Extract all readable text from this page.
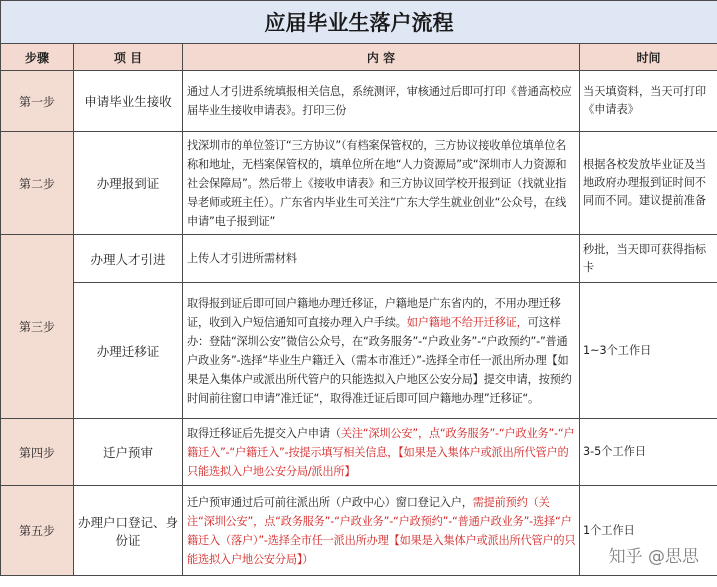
应届毕业生落户流程			
步骤	项 目	内 容	时间
第一步	申请毕业生接收	通过人才引进系统填报相关信息，系统测评，审核通过后即可打印《普通高校应届毕业生接收申请表》。打印三份	当天填资料，当天可打印《申请表》
第二步	办理报到证	找深圳市的单位签订“三方协议”（有档案保管权的，三方协议接收单位填单位名称和地址，无档案保管权的，填单位所在地“人力资源局”或“深圳市人力资源和社会保障局”。然后带上《接收申请表》和三方协议回学校开报到证（找就业指导老师或班主任）。广东省内毕业生可关注“广东大学生就业创业“公众号，在线申请”电子报到证”	根据各校发放毕业证及当地政府办理报到证时间不同而不同。建议提前准备
第三步	办理人才引进	上传人才引进所需材料	秒批，当天即可获得指标卡
	办理迁移证	取得报到证后即可回户籍地办理迁移证，户籍地是广东省内的，不用办理迁移证，收到入户短信通知可直接办理入户手续。如户籍地不给开迁移证，可这样办：登陆“深圳公安”微信公众号，在“政务服务”-“户政业务”-“户政预约”-”普通户政业务”-选择“毕业生户籍迁入（需本市准迁）”-选择全市任一派出所办理【如果是入集体户或派出所代管户的只能选拟入户地区公安分局】提交申请，按预约时间前往窗口申请”准迁证“，取得准迁证后即可回户籍地办理”迁移证“。	1~3个工作日
第四步	迁户预审	取得迁移证后先提交入户申请（关注“深圳公安”，点“政务服务”-“户政业务”-“户籍迁入”-“户籍迁入”-按提示填写相关信息，【如果是入集体户或派出所代管户的只能选拟入户地公安分局/派出所】	3-5个工作日
第五步	办理户口登记、身份证	迁户预审通过后可前往派出所（户政中心）窗口登记入户，需提前预约（关注“深圳公安”，点“政务服务”-“户政业务”-“户政预约”-“普通户政业务”-选择“户籍迁入（落户）”-选择全市任一派出所办理【如果是入集体户或派出所代管户的只能选拟入户地公安分局】）	1个工作日
知乎 @思思
